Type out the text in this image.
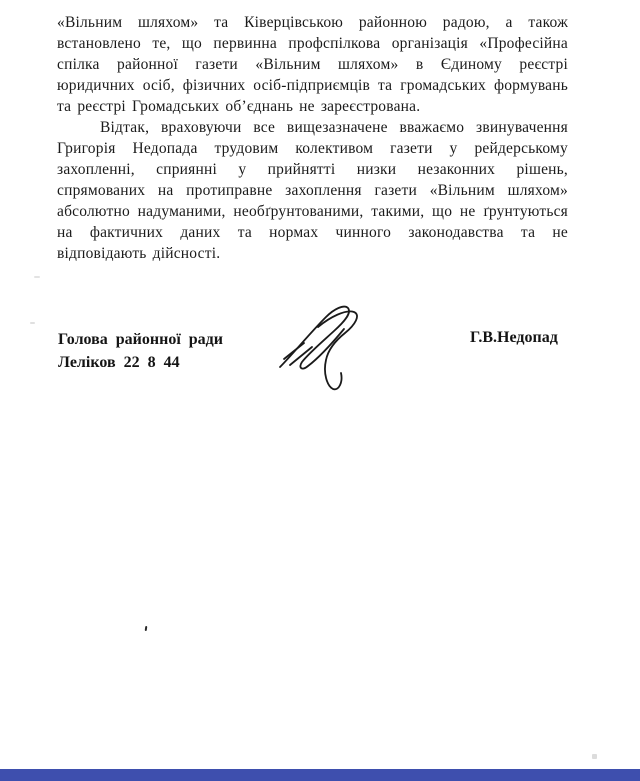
«Вільним шляхом» та Ківерцівською районною радою, а також встановлено те, що первинна профспілкова організація «Професійна спілка районної газети «Вільним шляхом» в Єдиному реєстрі юридичних осіб, фізичних осіб-підприємців та громадських формувань та реєстрі Громадських об’єднань не зареєстрована.

Відтак, враховуючи все вищезазначене вважаємо звинувачення Григорія Недопада трудовим колективом газети у рейдерському захопленні, сприянні у прийнятті низки незаконних рішень, спрямованих на протиправне захоплення газети «Вільним шляхом» абсолютно надуманими, необґрунтованими, такими, що не ґрунтуються на фактичних даних та нормах чинного законодавства та не відповідають дійсності.

Голова районної ради
Леліков 22 8 44
Г.В.Недопад
